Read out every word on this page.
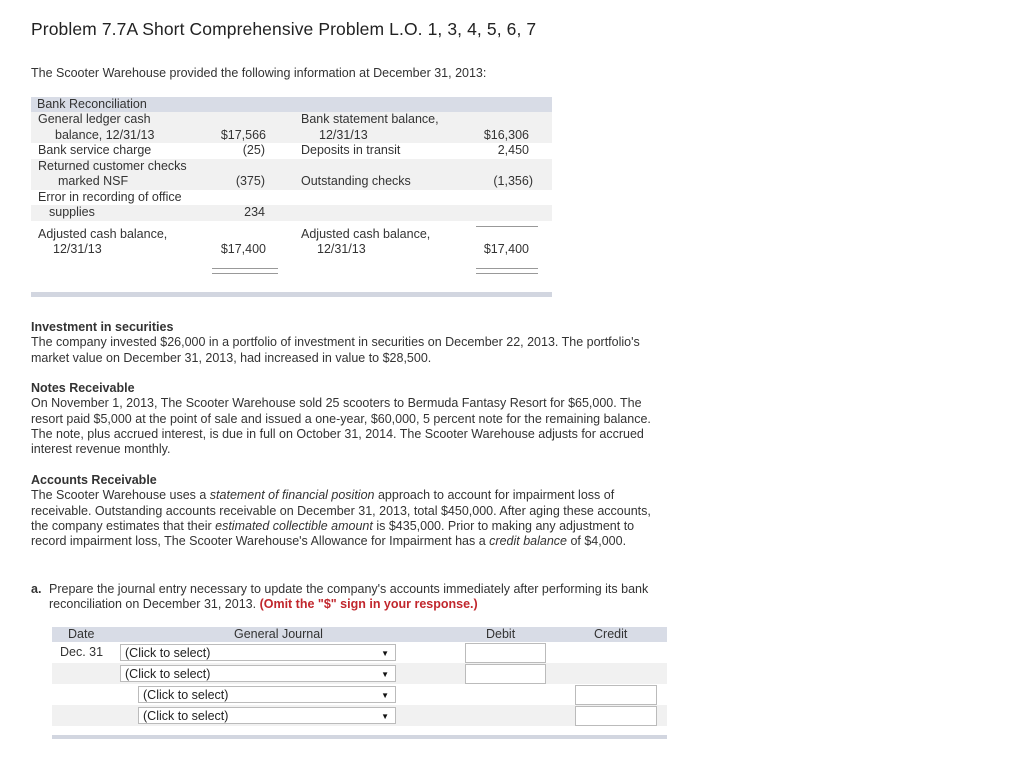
Problem 7.7A Short Comprehensive Problem L.O. 1, 3, 4, 5, 6, 7
The Scooter Warehouse provided the following information at December 31, 2013:
Bank Reconciliation
General ledger cash	Bank statement balance,
balance, 12/31/13	$17,566	12/31/13	$16,306
Bank service charge	(25)	Deposits in transit	2,450
Returned customer checks
marked NSF	(375)	Outstanding checks	(1,356)
Error in recording of office
supplies	234
Adjusted cash balance,	Adjusted cash balance,
12/31/13	$17,400	12/31/13	$17,400
Investment in securities
The company invested $26,000 in a portfolio of investment in securities on December 22, 2013. The portfolio's market value on December 31, 2013, had increased in value to $28,500.
Notes Receivable
On November 1, 2013, The Scooter Warehouse sold 25 scooters to Bermuda Fantasy Resort for $65,000. The resort paid $5,000 at the point of sale and issued a one-year, $60,000, 5 percent note for the remaining balance. The note, plus accrued interest, is due in full on October 31, 2014. The Scooter Warehouse adjusts for accrued interest revenue monthly.
Accounts Receivable
The Scooter Warehouse uses a statement of financial position approach to account for impairment loss of receivable. Outstanding accounts receivable on December 31, 2013, total $450,000. After aging these accounts, the company estimates that their estimated collectible amount is $435,000. Prior to making any adjustment to record impairment loss, The Scooter Warehouse's Allowance for Impairment has a credit balance of $4,000.
a. Prepare the journal entry necessary to update the company's accounts immediately after performing its bank reconciliation on December 31, 2013. (Omit the "$" sign in your response.)
Date	General Journal	Debit	Credit
Dec. 31	(Click to select)	▼
(Click to select)	▼
(Click to select)	▼
(Click to select)	▼
